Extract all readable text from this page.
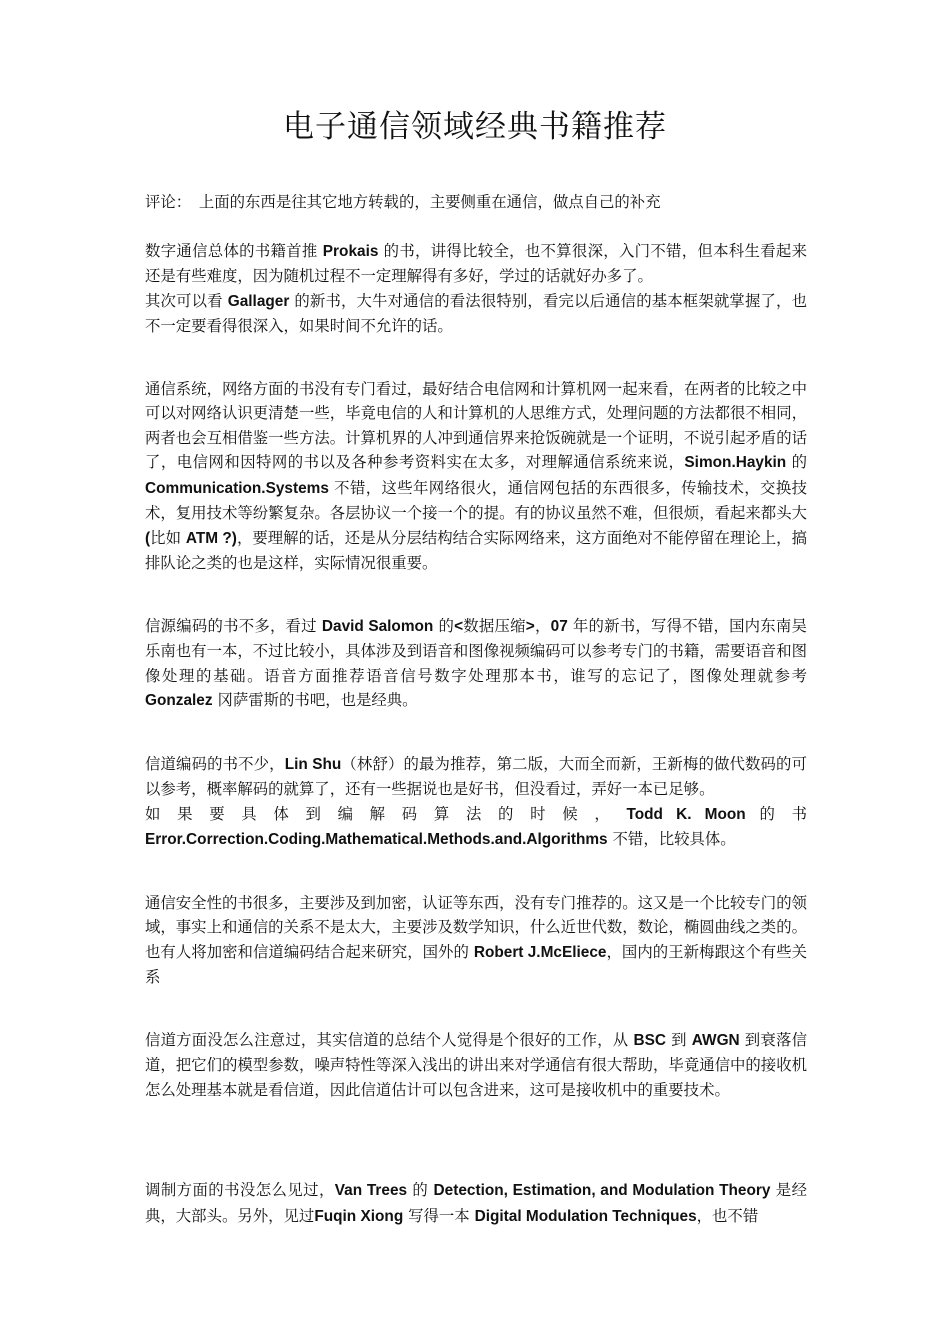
电子通信领域经典书籍推荐

评论：　上面的东西是往其它地方转载的，主要侧重在通信，做点自己的补充

数字通信总体的书籍首推 Prokais 的书，讲得比较全，也不算很深，入门不错，但本科生看起来还是有些难度，因为随机过程不一定理解得有多好，学过的话就好办多了。

其次可以看 Gallager 的新书，大牛对通信的看法很特别，看完以后通信的基本框架就掌握了，也不一定要看得很深入，如果时间不允许的话。

通信系统，网络方面的书没有专门看过，最好结合电信网和计算机网一起来看，在两者的比较之中可以对网络认识更清楚一些，毕竟电信的人和计算机的人思维方式，处理问题的方法都很不相同，两者也会互相借鉴一些方法。计算机界的人冲到通信界来抢饭碗就是一个证明，不说引起矛盾的话了，电信网和因特网的书以及各种参考资料实在太多，对理解通信系统来说，Simon.Haykin 的 Communication.Systems 不错，这些年网络很火，通信网包括的东西很多，传输技术，交换技术，复用技术等纷繁复杂。各层协议一个接一个的提。有的协议虽然不难，但很烦，看起来都头大(比如 ATM ?)，要理解的话，还是从分层结构结合实际网络来，这方面绝对不能停留在理论上，搞排队论之类的也是这样，实际情况很重要。

信源编码的书不多，看过 David Salomon 的<数据压缩>，07 年的新书，写得不错，国内东南吴乐南也有一本，不过比较小，具体涉及到语音和图像视频编码可以参考专门的书籍，需要语音和图像处理的基础。语音方面推荐语音信号数字处理那本书，谁写的忘记了，图像处理就参考 Gonzalez 冈萨雷斯的书吧，也是经典。

信道编码的书不少，Lin Shu（林舒）的最为推荐，第二版，大而全而新，王新梅的做代数码的可以参考，概率解码的就算了，还有一些据说也是好书，但没看过，弄好一本已足够。

如 果 要 具 体 到 编 解 码 算 法 的 时 候 ， Todd K. Moon 的 书

Error.Correction.Coding.Mathematical.Methods.and.Algorithms 不错，比较具体。

通信安全性的书很多，主要涉及到加密，认证等东西，没有专门推荐的。这又是一个比较专门的领域，事实上和通信的关系不是太大，主要涉及数学知识，什么近世代数，数论，椭圆曲线之类的。也有人将加密和信道编码结合起来研究，国外的 Robert J.McEliece，国内的王新梅跟这个有些关系

信道方面没怎么注意过，其实信道的总结个人觉得是个很好的工作，从 BSC 到 AWGN 到衰落信道，把它们的模型参数，噪声特性等深入浅出的讲出来对学通信有很大帮助，毕竟通信中的接收机怎么处理基本就是看信道，因此信道估计可以包含进来，这可是接收机中的重要技术。

调制方面的书没怎么见过，Van Trees 的 Detection, Estimation, and Modulation Theory 是经典，大部头。另外，见过Fuqin Xiong 写得一本 Digital Modulation Techniques，也不错
